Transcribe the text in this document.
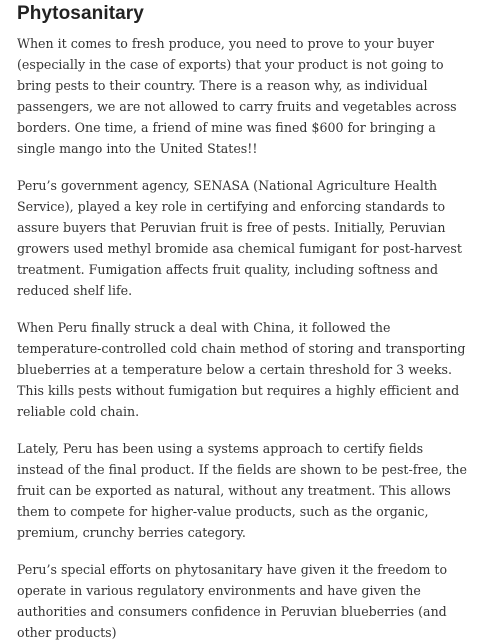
Phytosanitary

When it comes to fresh produce, you need to prove to your buyer (especially in the case of exports) that your product is not going to bring pests to their country. There is a reason why, as individual passengers, we are not allowed to carry fruits and vegetables across borders. One time, a friend of mine was fined $600 for bringing a single mango into the United States!!

Peru’s government agency, SENASA (National Agriculture Health Service), played a key role in certifying and enforcing standards to assure buyers that Peruvian fruit is free of pests. Initially, Peruvian growers used methyl bromide asa chemical fumigant for post-harvest treatment. Fumigation affects fruit quality, including softness and reduced shelf life.

When Peru finally struck a deal with China, it followed the temperature-controlled cold chain method of storing and transporting blueberries at a temperature below a certain threshold for 3 weeks. This kills pests without fumigation but requires a highly efficient and reliable cold chain.

Lately, Peru has been using a systems approach to certify fields instead of the final product. If the fields are shown to be pest-free, the fruit can be exported as natural, without any treatment. This allows them to compete for higher-value products, such as the organic, premium, crunchy berries category.

Peru’s special efforts on phytosanitary have given it the freedom to operate in various regulatory environments and have given the authorities and consumers confidence in Peruvian blueberries (and other products)
